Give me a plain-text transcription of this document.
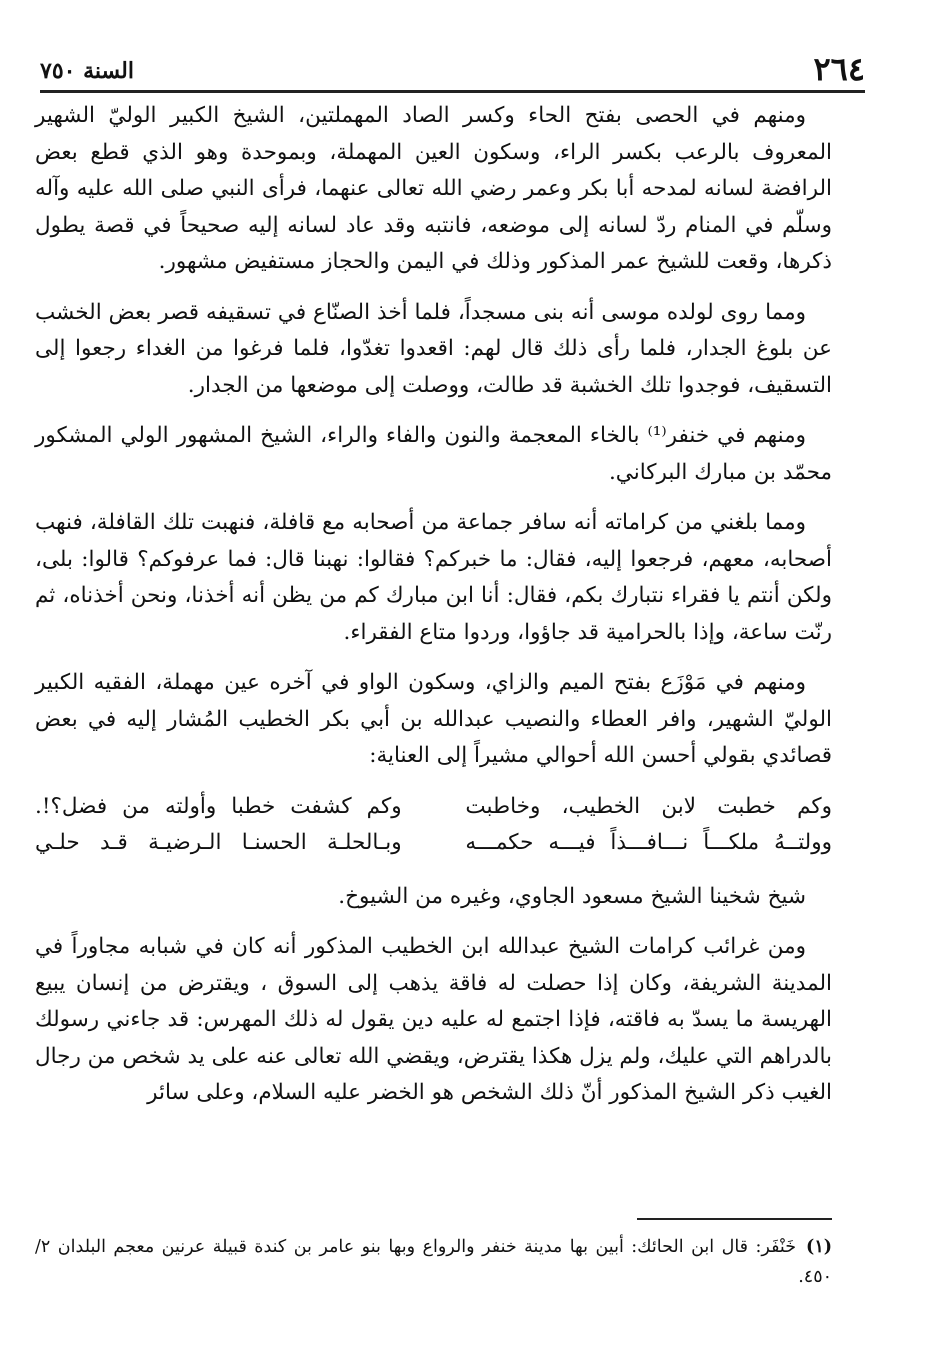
السنة ٧٥٠	٢٦٤

ومنهم في الحصى بفتح الحاء وكسر الصاد المهملتين، الشيخ الكبير الوليّ الشهير المعروف بالرعب بكسر الراء، وسكون العين المهملة، وبموحدة وهو الذي قطع بعض الرافضة لسانه لمدحه أبا بكر وعمر رضي الله تعالى عنهما، فرأى النبي صلى الله عليه وآله وسلّم في المنام ردّ لسانه إلى موضعه، فانتبه وقد عاد لسانه إليه صحيحاً في قصة يطول ذكرها، وقعت للشيخ عمر المذكور وذلك في اليمن والحجاز مستفيض مشهور.

ومما روى لولده موسى أنه بنى مسجداً، فلما أخذ الصنّاع في تسقيفه قصر بعض الخشب عن بلوغ الجدار، فلما رأى ذلك قال لهم: اقعدوا تغدّوا، فلما فرغوا من الغداء رجعوا إلى التسقيف، فوجدوا تلك الخشبة قد طالت، ووصلت إلى موضعها من الجدار.

ومنهم في خنفر⁽¹⁾ بالخاء المعجمة والنون والفاء والراء، الشيخ المشهور الولي المشكور محمّد بن مبارك البركاني.

ومما بلغني من كراماته أنه سافر جماعة من أصحابه مع قافلة، فنهبت تلك القافلة، فنهب أصحابه، معهم، فرجعوا إليه، فقال: ما خبركم؟ فقالوا: نهبنا قال: فما عرفوكم؟ قالوا: بلى، ولكن أنتم يا فقراء نتبارك بكم، فقال: أنا ابن مبارك كم من يظن أنه أخذنا، ونحن أخذناه، ثم رنّت ساعة، وإذا بالحرامية قد جاؤوا، وردوا متاع الفقراء.

ومنهم في مَوْزَع بفتح الميم والزاي، وسكون الواو في آخره عين مهملة، الفقيه الكبير الوليّ الشهير، وافر العطاء والنصيب عبدالله بن أبي بكر الخطيب المُشار إليه في بعض قصائدي بقولي أحسن الله أحوالي مشيراً إلى العناية:

وكم خطبت لابن الخطيب، وخاطبت
وكم كشفت خطبا وأولته من فضل؟!.
وولتــهُ ملكـــاً نـــافـــذاً فيـــه حكمـــه
وبـالحلـة الحسنـا الـرضيـة قـد حلـي

شيخ شخينا الشيخ مسعود الجاوي، وغيره من الشيوخ.

ومن غرائب كرامات الشيخ عبدالله ابن الخطيب المذكور أنه كان في شبابه مجاوراً في المدينة الشريفة، وكان إذا حصلت له فاقة يذهب إلى السوق ، ويقترض من إنسان يبيع الهريسة ما يسدّ به فاقته، فإذا اجتمع له عليه دين يقول له ذلك المهرس: قد جاءني رسولك بالدراهم التي عليك، ولم يزل هكذا يقترض، ويقضي الله تعالى عنه على يد شخص من رجال الغيب ذكر الشيخ المذكور أنّ ذلك الشخص هو الخضر عليه السلام، وعلى سائر

(١)خَنْفَر: قال ابن الحائك: أبين بها مدينة خنفر والرواع وبها بنو عامر بن كندة قبيلة عرنين معجم البلدان ٢/ ٤٥٠.
